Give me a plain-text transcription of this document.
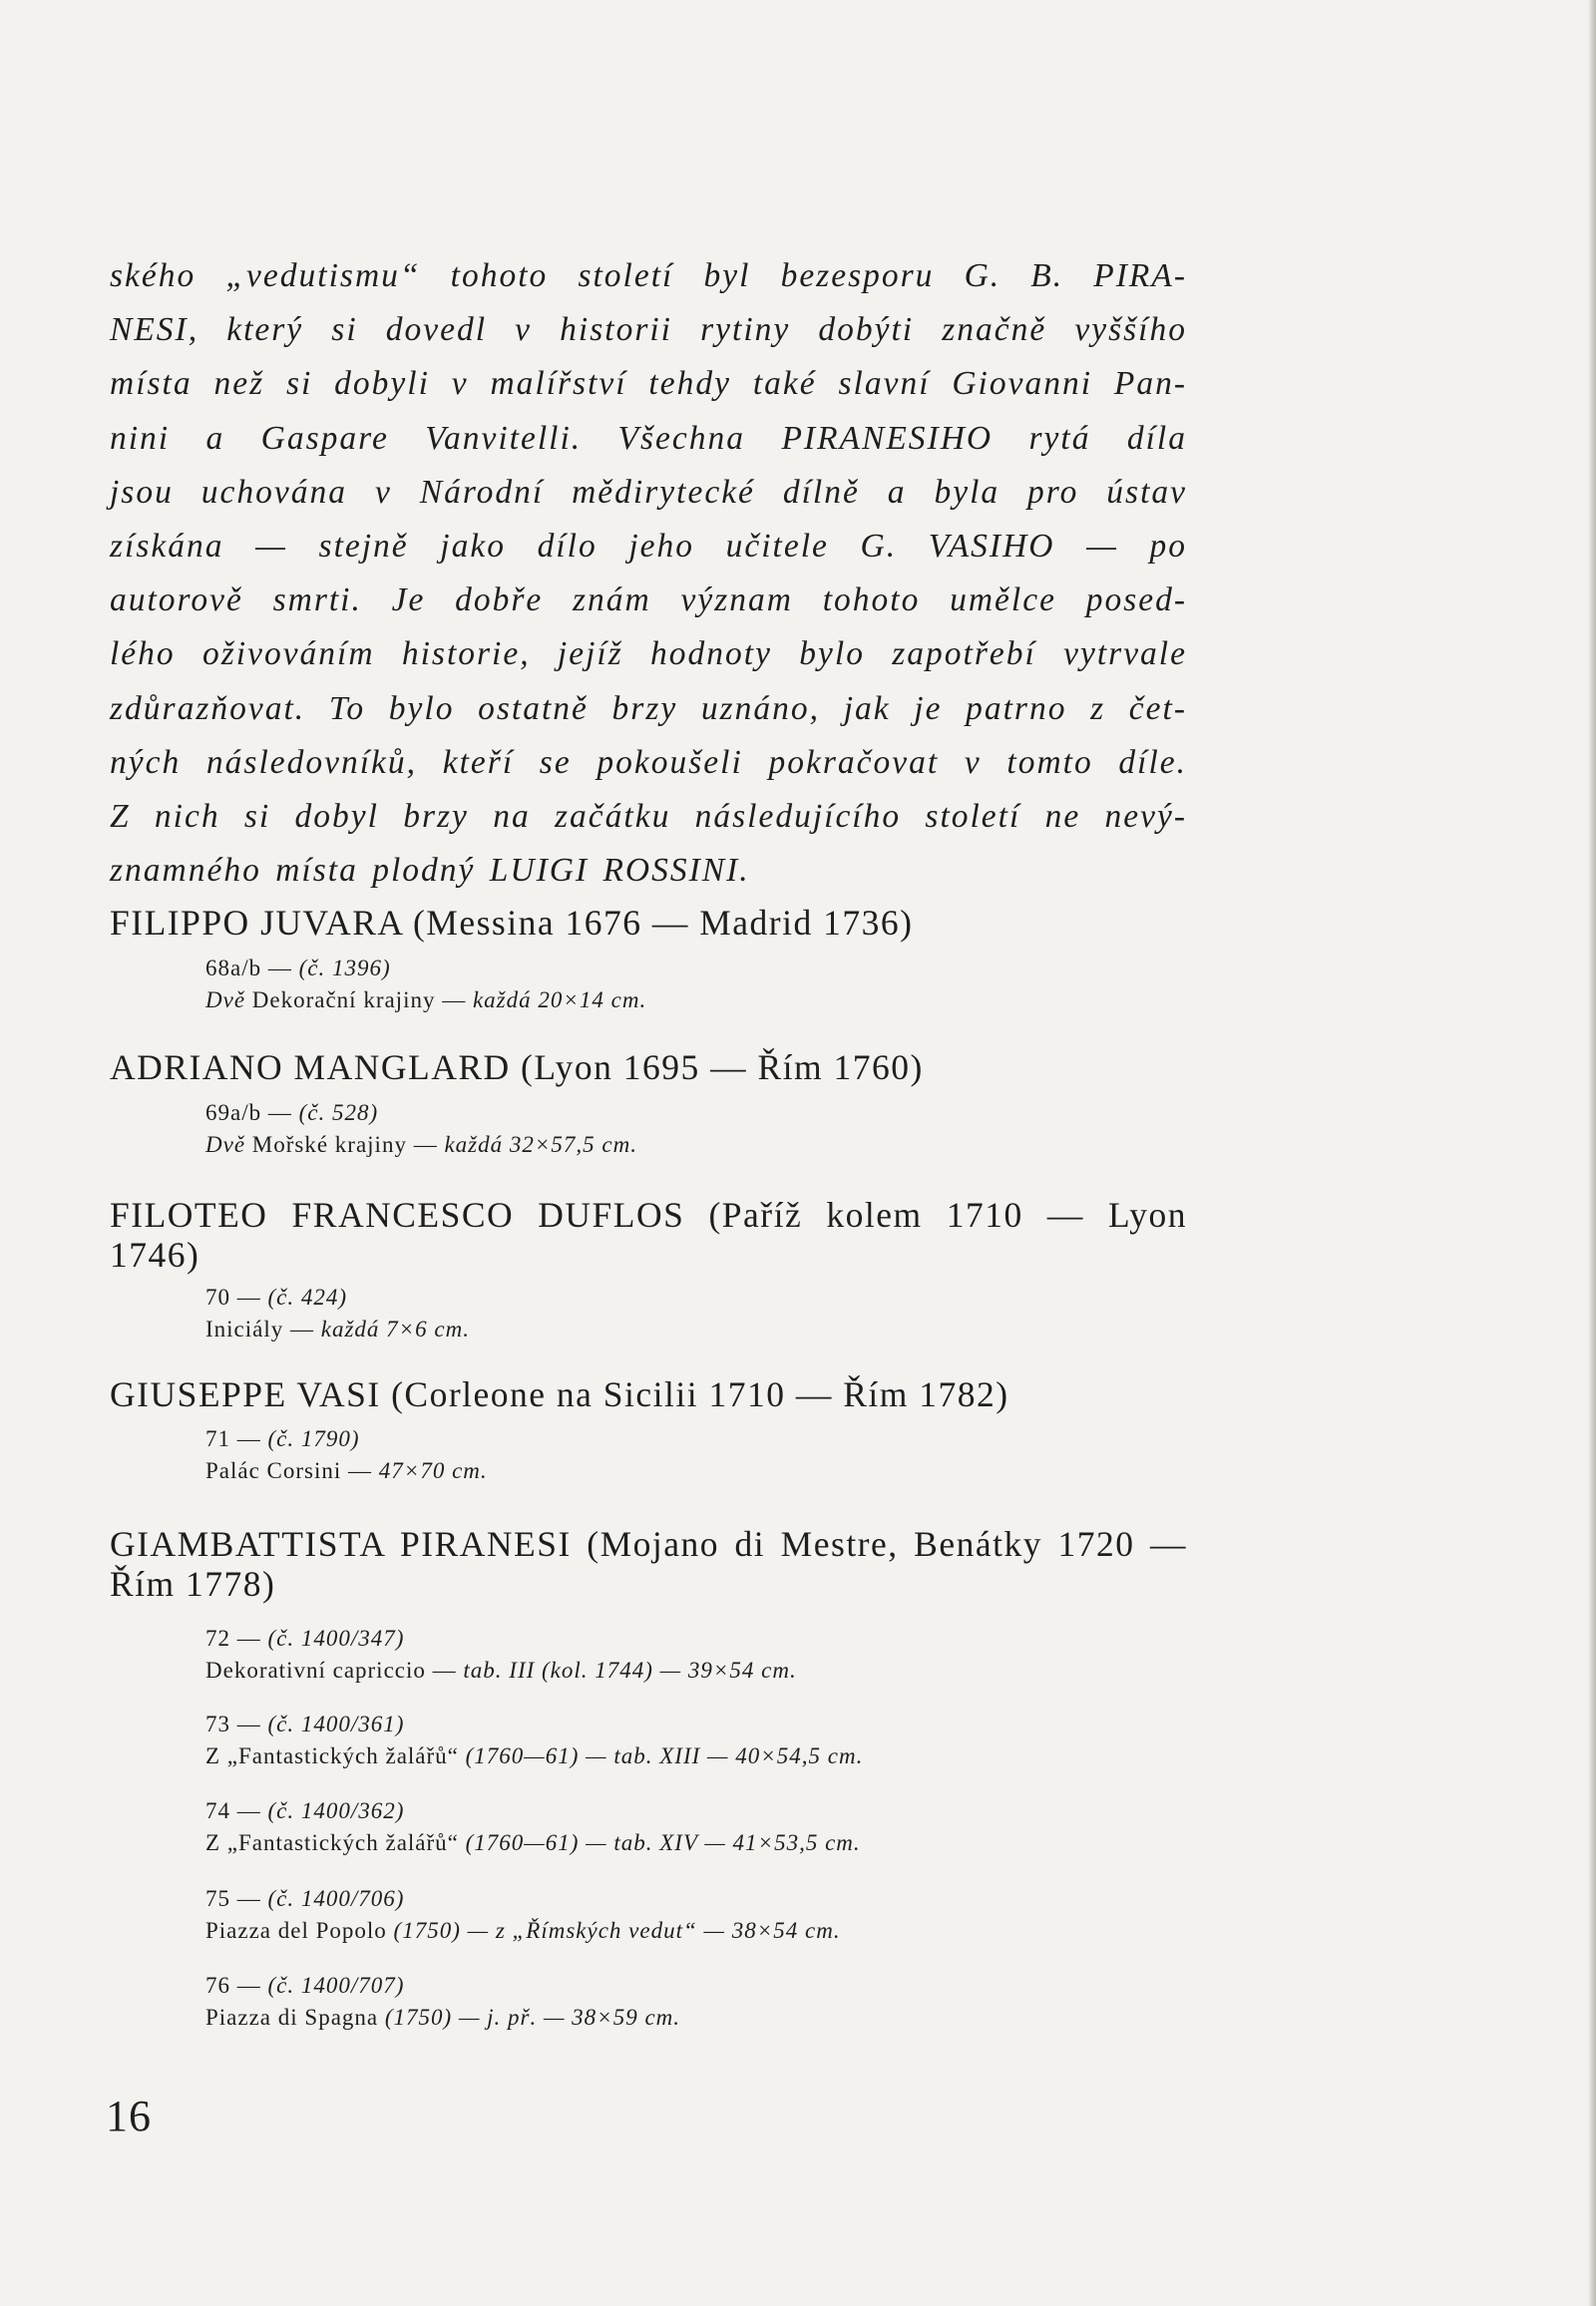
ského „vedutismu“ tohoto století byl bezesporu G. B. PIRA-
NESI, který si dovedl v historii rytiny dobýti značně vyššího
místa než si dobyli v malířství tehdy také slavní Giovanni Pan-
nini a Gaspare Vanvitelli. Všechna PIRANESIHO rytá díla
jsou uchována v Národní mědirytecké dílně a byla pro ústav
získána — stejně jako dílo jeho učitele G. VASIHO — po
autorově smrti. Je dobře znám význam tohoto umělce posed-
lého oživováním historie, jejíž hodnoty bylo zapotřebí vytrvale
zdůrazňovat. To bylo ostatně brzy uznáno, jak je patrno z čet-
ných následovníků, kteří se pokoušeli pokračovat v tomto díle.
Z nich si dobyl brzy na začátku následujícího století ne nevý-
znamného místa plodný LUIGI ROSSINI.
FILIPPO JUVARA (Messina 1676 — Madrid 1736)
68a/b — (č. 1396)
Dvě Dekorační krajiny — každá 20×14 cm.
ADRIANO MANGLARD (Lyon 1695 — Řím 1760)
69a/b — (č. 528)
Dvě Mořské krajiny — každá 32×57,5 cm.
FILOTEO FRANCESCO DUFLOS (Paříž kolem 1710 — Lyon 1746)
70 — (č. 424)
Iniciály — každá 7×6 cm.
GIUSEPPE VASI (Corleone na Sicilii 1710 — Řím 1782)
71 — (č. 1790)
Palác Corsini — 47×70 cm.
GIAMBATTISTA PIRANESI (Mojano di Mestre, Benátky 1720 — Řím 1778)
72 — (č. 1400/347)
Dekorativní capriccio — tab. III (kol. 1744) — 39×54 cm.
73 — (č. 1400/361)
Z „Fantastických žalářů“ (1760—61) — tab. XIII — 40×54,5 cm.
74 — (č. 1400/362)
Z „Fantastických žalářů“ (1760—61) — tab. XIV — 41×53,5 cm.
75 — (č. 1400/706)
Piazza del Popolo (1750) — z „Římských vedut“ — 38×54 cm.
76 — (č. 1400/707)
Piazza di Spagna (1750) — j. př. — 38×59 cm.
16
